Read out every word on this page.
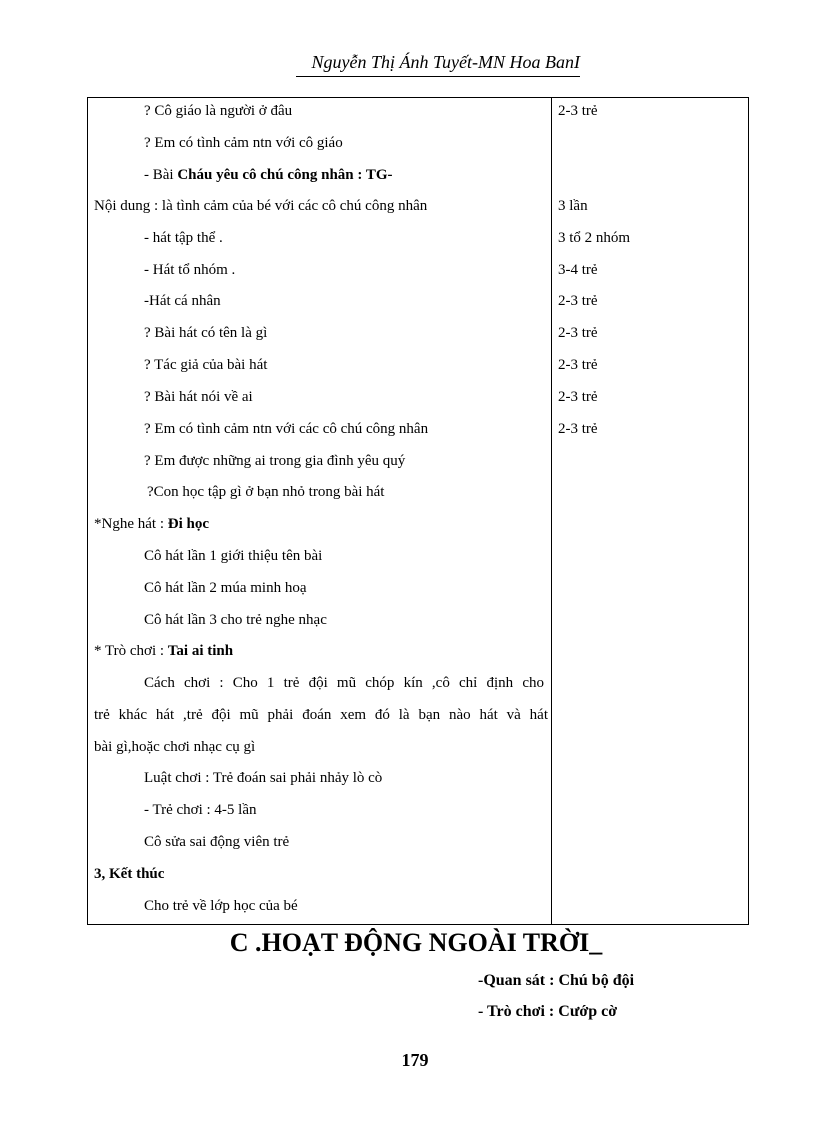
Nguyễn Thị Ánh Tuyết-MN Hoa BanI
? Cô giáo là người ở đâu	2-3 trẻ
? Em có tình cảm ntn với cô giáo
- Bài Cháu yêu cô chú công nhân : TG-
Nội dung : là tình cảm của bé với các cô chú công nhân	3 lần
- hát tập thể .	3 tổ 2 nhóm
- Hát tổ nhóm .	3-4 trẻ
-Hát cá nhân	2-3 trẻ
? Bài hát có tên là gì	2-3 trẻ
? Tác giả của bài hát	2-3 trẻ
? Bài hát nói về ai	2-3 trẻ
? Em có tình cảm ntn với các cô chú công nhân	2-3 trẻ
? Em được những ai trong gia đình yêu quý
?Con học tập gì ở bạn nhỏ trong bài hát
*Nghe hát : Đi học
Cô hát lần 1 giới thiệu tên bài
Cô hát lần 2 múa minh hoạ
Cô hát lần 3 cho trẻ nghe nhạc
* Trò chơi : Tai ai tinh
Cách chơi : Cho 1 trẻ đội mũ chóp kín ,cô chỉ định cho
trẻ khác hát ,trẻ đội mũ phải đoán xem đó là bạn nào hát và hát
bài gì,hoặc chơi nhạc cụ gì
Luật chơi : Trẻ đoán sai phải nhảy lò cò
- Trẻ chơi : 4-5 lần
Cô sửa sai động viên trẻ
3, Kết thúc
Cho trẻ về lớp học của bé
C .HOẠT ĐỘNG NGOÀI TRỜI_
-Quan sát : Chú bộ đội
- Trò chơi : Cướp cờ
179
